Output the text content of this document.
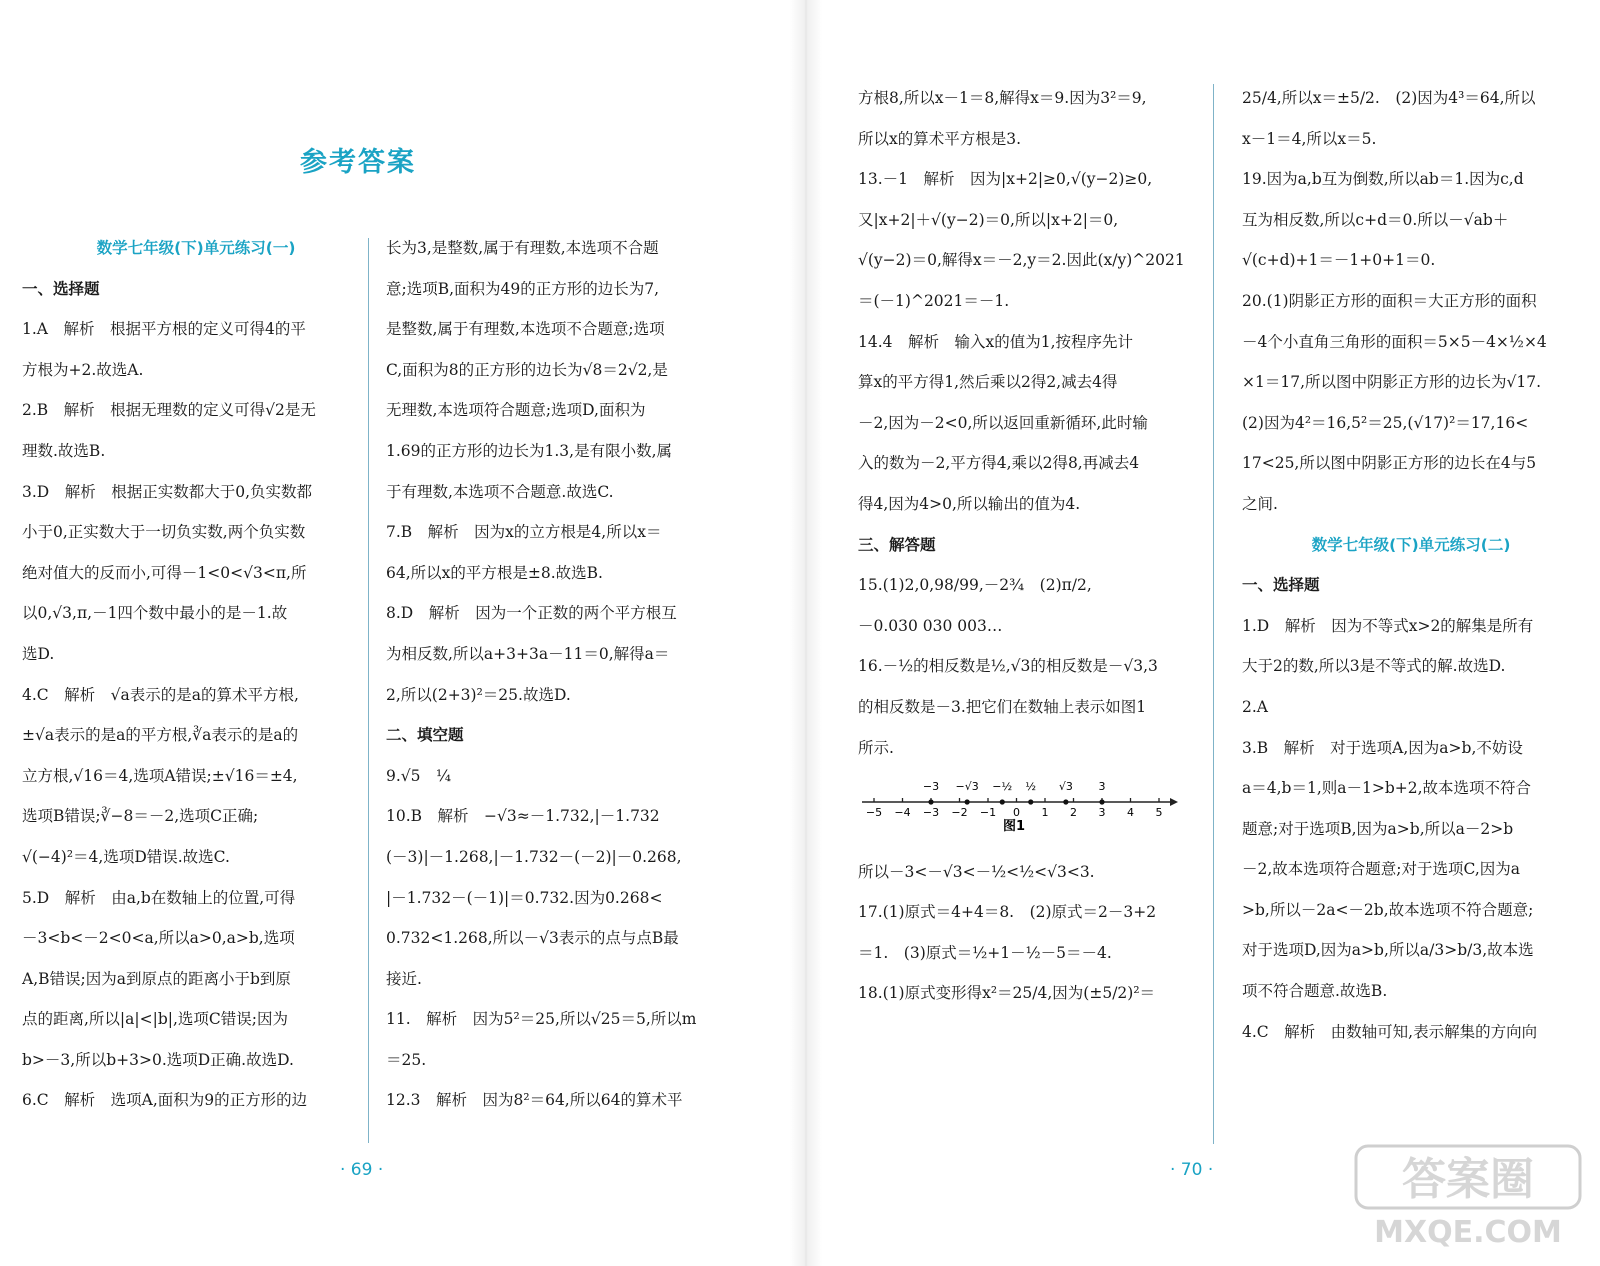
参考答案

数学七年级(下)单元练习(一)

一、选择题

1.A　解析　根据平方根的定义可得4的平

方根为+2.故选A.

2.B　解析　根据无理数的定义可得√2是无

理数.故选B.

3.D　解析　根据正实数都大于0,负实数都

小于0,正实数大于一切负实数,两个负实数

绝对值大的反而小,可得－1<0<√3<π,所

以0,√3,π,－1四个数中最小的是－1.故

选D.

4.C　解析　√a表示的是a的算术平方根,

±√a表示的是a的平方根,∛a表示的是a的

立方根,√16＝4,选项A错误;±√16＝±4,

选项B错误;∛−8＝－2,选项C正确;

√(−4)²＝4,选项D错误.故选C.

5.D　解析　由a,b在数轴上的位置,可得

－3<b<－2<0<a,所以a>0,a>b,选项

A,B错误;因为a到原点的距离小于b到原

点的距离,所以|a|<|b|,选项C错误;因为

b>－3,所以b+3>0.选项D正确.故选D.

6.C　解析　选项A,面积为9的正方形的边

长为3,是整数,属于有理数,本选项不合题

意;选项B,面积为49的正方形的边长为7,

是整数,属于有理数,本选项不合题意;选项

C,面积为8的正方形的边长为√8＝2√2,是

无理数,本选项符合题意;选项D,面积为

1.69的正方形的边长为1.3,是有限小数,属

于有理数,本选项不合题意.故选C.

7.B　解析　因为x的立方根是4,所以x＝

64,所以x的平方根是±8.故选B.

8.D　解析　因为一个正数的两个平方根互

为相反数,所以a+3+3a－11＝0,解得a＝

2,所以(2+3)²＝25.故选D.

二、填空题

9.√5　¼

10.B　解析　−√3≈－1.732,|－1.732

(－3)|－1.268,|－1.732－(－2)|－0.268,

|－1.732－(－1)|＝0.732.因为0.268<

0.732<1.268,所以－√3表示的点与点B最

接近.

11.　解析　因为5²＝25,所以√25＝5,所以m

＝25.

12.3　解析　因为8²＝64,所以64的算术平

· 69 ·

方根8,所以x－1＝8,解得x＝9.因为3²＝9,

所以x的算术平方根是3.

13.－1　解析　因为|x+2|≥0,√(y−2)≥0,

又|x+2|＋√(y−2)＝0,所以|x+2|＝0,

√(y−2)＝0,解得x＝－2,y＝2.因此(x/y)^2021

＝(－1)^2021＝－1.

14.4　解析　输入x的值为1,按程序先计

算x的平方得1,然后乘以2得2,减去4得

－2,因为－2<0,所以返回重新循环,此时输

入的数为－2,平方得4,乘以2得8,再减去4

得4,因为4>0,所以输出的值为4.

三、解答题

15.(1)2,0,98/99,－2¾　(2)π/2,

－0.030 030 003…

16.－½的相反数是½,√3的相反数是－√3,3

的相反数是－3.把它们在数轴上表示如图1

所示.

−5 −4 −3 −2 −1 0 1 2 3 4 5
−3 −√3 −½ ½ √3 3
图1

所以－3<－√3<－½<½<√3<3.

17.(1)原式＝4+4＝8.　(2)原式＝2－3+2

＝1.　(3)原式＝½+1－½－5＝－4.

18.(1)原式变形得x²＝25/4,因为(±5/2)²＝

25/4,所以x＝±5/2.　(2)因为4³＝64,所以

x－1＝4,所以x＝5.

19.因为a,b互为倒数,所以ab＝1.因为c,d

互为相反数,所以c+d＝0.所以－√ab＋

√(c+d)+1＝－1+0+1＝0.

20.(1)阴影正方形的面积＝大正方形的面积

－4个小直角三角形的面积＝5×5－4×½×4

×1＝17,所以图中阴影正方形的边长为√17.

(2)因为4²＝16,5²＝25,(√17)²＝17,16<

17<25,所以图中阴影正方形的边长在4与5

之间.

数学七年级(下)单元练习(二)

一、选择题

1.D　解析　因为不等式x>2的解集是所有

大于2的数,所以3是不等式的解.故选D.

2.A

3.B　解析　对于选项A,因为a>b,不妨设

a＝4,b＝1,则a－1>b+2,故本选项不符合

题意;对于选项B,因为a>b,所以a－2>b

－2,故本选项符合题意;对于选项C,因为a

>b,所以－2a<－2b,故本选项不符合题意;

对于选项D,因为a>b,所以a/3>b/3,故本选

项不符合题意.故选B.

4.C　解析　由数轴可知,表示解集的方向向

· 70 ·	答案圈
MXQE.COM
